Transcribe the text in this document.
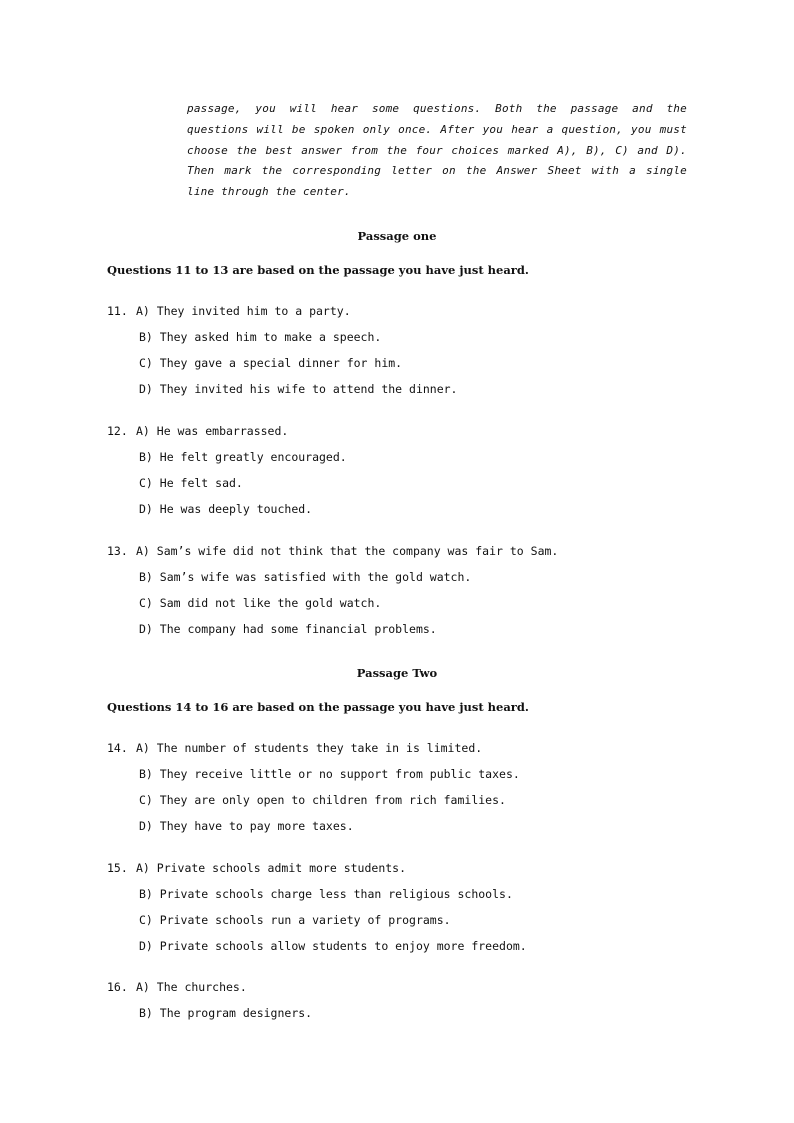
passage, you will hear some questions. Both the passage and the
questions will be spoken only once. After you hear a question, you must
choose the best answer from the four choices marked A), B), C) and D).
Then mark the corresponding letter on the Answer Sheet with a single
line through the center.
Passage one
Questions 11 to 13 are based on the passage you have just heard.
11. A) They invited him to a party.
B) They asked him to make a speech.
C) They gave a special dinner for him.
D) They invited his wife to attend the dinner.
12. A) He was embarrassed.
B) He felt greatly encouraged.
C) He felt sad.
D) He was deeply touched.
13. A) Sam’s wife did not think that the company was fair to Sam.
B) Sam’s wife was satisfied with the gold watch.
C) Sam did not like the gold watch.
D) The company had some financial problems.
Passage Two
Questions 14 to 16 are based on the passage you have just heard.
14. A) The number of students they take in is limited.
B) They receive little or no support from public taxes.
C) They are only open to children from rich families.
D) They have to pay more taxes.
15. A) Private schools admit more students.
B) Private schools charge less than religious schools.
C) Private schools run a variety of programs.
D) Private schools allow students to enjoy more freedom.
16. A) The churches.
B) The program designers.
